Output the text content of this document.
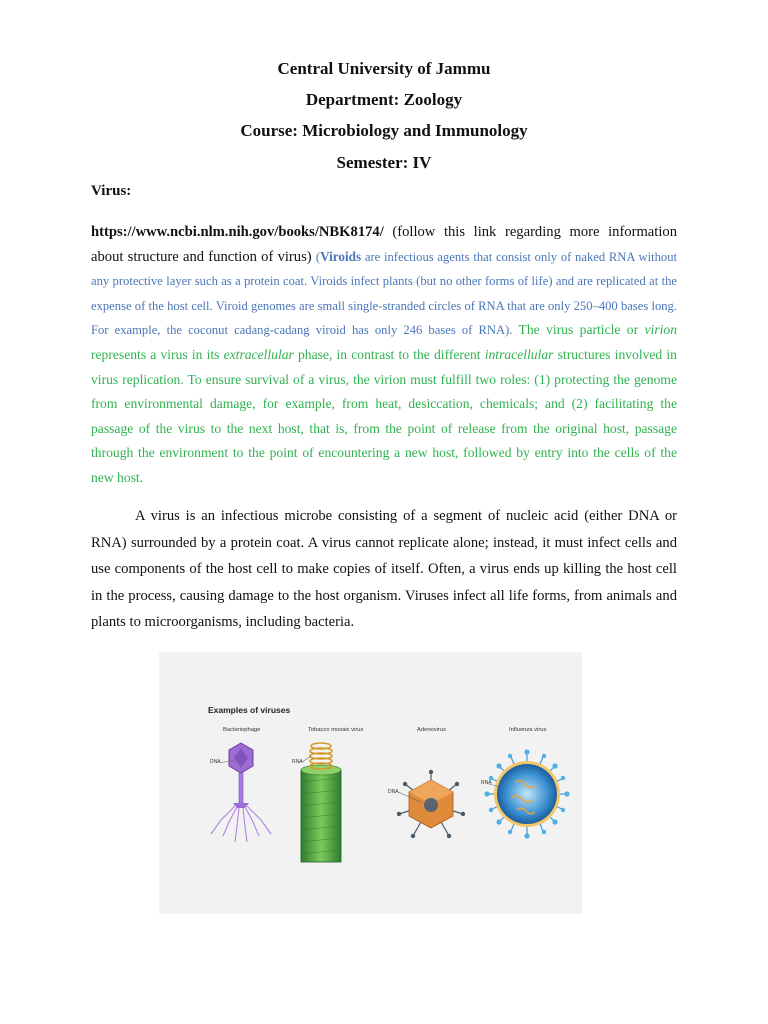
Central University of Jammu
Department: Zoology
Course: Microbiology and Immunology
Semester: IV
Virus:
https://www.ncbi.nlm.nih.gov/books/NBK8174/ (follow this link regarding more information about structure and function of virus) (Viroids are infectious agents that consist only of naked RNA without any protective layer such as a protein coat. Viroids infect plants (but no other forms of life) and are replicated at the expense of the host cell. Viroid genomes are small single-stranded circles of RNA that are only 250–400 bases long. For example, the coconut cadang-cadang viroid has only 246 bases of RNA). The virus particle or virion represents a virus in its extracellular phase, in contrast to the different intracellular structures involved in virus replication. To ensure survival of a virus, the virion must fulfill two roles: (1) protecting the genome from environmental damage, for example, from heat, desiccation, chemicals; and (2) facilitating the passage of the virus to the next host, that is, from the point of release from the original host, passage through the environment to the point of encountering a new host, followed by entry into the cells of the new host.
A virus is an infectious microbe consisting of a segment of nucleic acid (either DNA or RNA) surrounded by a protein coat. A virus cannot replicate alone; instead, it must infect cells and use components of the host cell to make copies of itself. Often, a virus ends up killing the host cell in the process, causing damage to the host organism. Viruses infect all life forms, from animals and plants to microorganisms, including bacteria.
Examples of viruses
Bacteriophage	Tobacco mosaic virus	Adenovirus	Influenza virus
DNA	RNA
DNA
RNA
